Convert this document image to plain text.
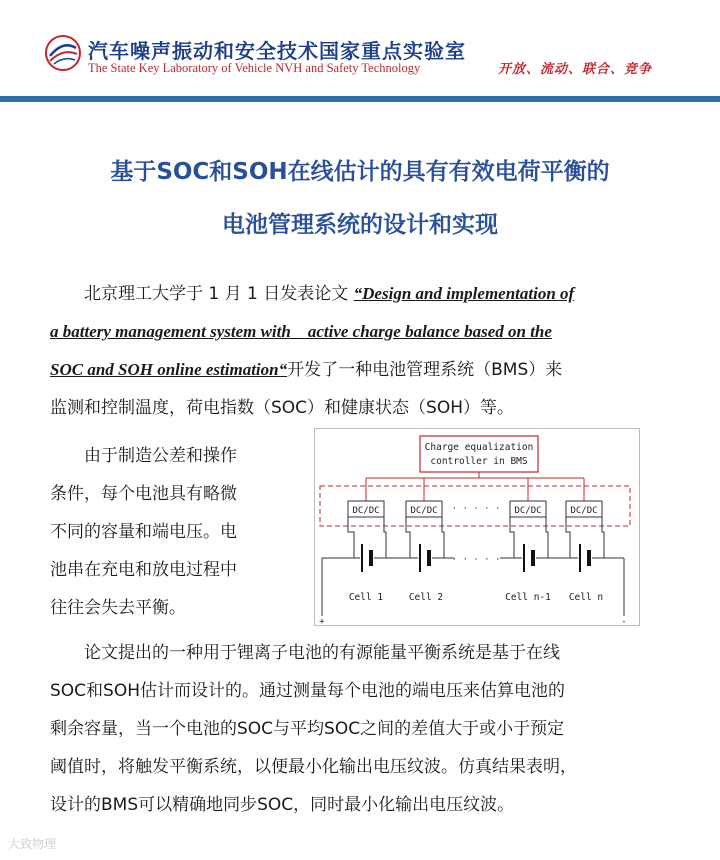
汽车噪声振动和安全技术国家重点实验室
The State Key Laboratory of Vehicle NVH and Safety Technology	开放、流动、联合、竞争
基于SOC和SOH在线估计的具有有效电荷平衡的
电池管理系统的设计和实现
北京理工大学于 1 月 1 日发表论文 “Design and implementation of
a battery management system with    active charge balance based on the
SOC and SOH online estimation“开发了一种电池管理系统（BMS）来
监测和控制温度，荷电指数（SOC）和健康状态（SOH）等。
由于制造公差和操作
条件，每个电池具有略微
不同的容量和端电压。电
池串在充电和放电过程中
往往会失去平衡。
Charge equalization
controller in BMS
DC/DC	DC/DC · · · · · DC/DC	DC/DC
· · · · ·
Cell 1	Cell 2	Cell n-1 Cell n
+	-
论文提出的一种用于锂离子电池的有源能量平衡系统是基于在线
SOC和SOH估计而设计的。通过测量每个电池的端电压来估算电池的
剩余容量，当一个电池的SOC与平均SOC之间的差值大于或小于预定
阈值时，将触发平衡系统，以便最小化输出电压纹波。仿真结果表明，
设计的BMS可以精确地同步SOC，同时最小化输出电压纹波。
大致物理
